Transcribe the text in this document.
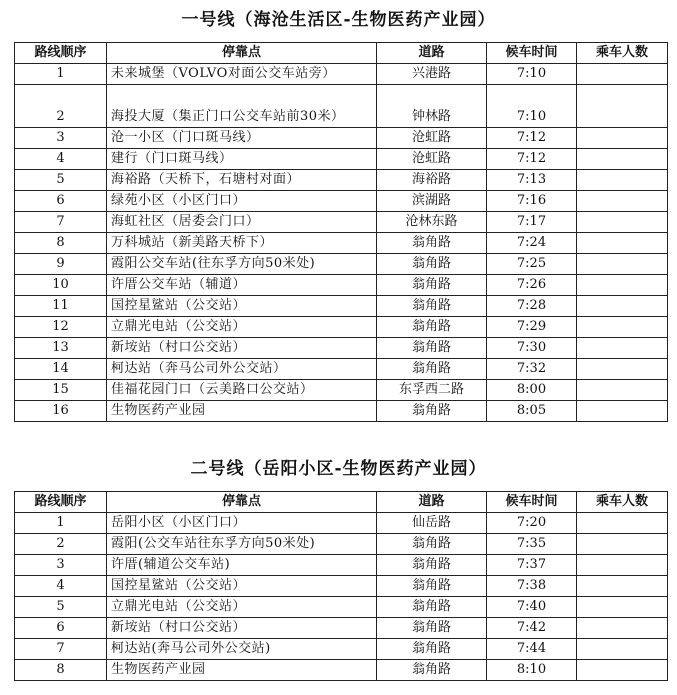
一号线（海沧生活区-生物医药产业园）
路线顺序	停靠点	道路	候车时间	乘车人数
1	未来城堡（VOLVO对面公交车站旁）	兴港路	7:10	
2	海投大厦（集正门口公交车站前30米）	钟林路	7:10	
3	沧一小区（门口斑马线）	沧虹路	7:12	
4	建行（门口斑马线）	沧虹路	7:12	
5	海裕路（天桥下，石塘村对面）	海裕路	7:13	
6	绿苑小区（小区门口）	滨湖路	7:16	
7	海虹社区（居委会门口）	沧林东路	7:17	
8	万科城站（新美路天桥下）	翁角路	7:24	
9	霞阳公交车站(往东孚方向50米处)	翁角路	7:25	
10	许厝公交车站（辅道）	翁角路	7:26	
11	国控星鲨站（公交站）	翁角路	7:28	
12	立鼎光电站（公交站）	翁角路	7:29	
13	新垵站（村口公交站）	翁角路	7:30	
14	柯达站（奔马公司外公交站）	翁角路	7:32	
15	佳福花园门口（云美路口公交站）	东孚西二路	8:00	
16	生物医药产业园	翁角路	8:05	
二号线（岳阳小区-生物医药产业园）
路线顺序	停靠点	道路	候车时间	乘车人数
1	岳阳小区（小区门口）	仙岳路	7:20	
2	霞阳(公交车站往东孚方向50米处)	翁角路	7:35	
3	许厝(辅道公交车站)	翁角路	7:37	
4	国控星鲨站（公交站）	翁角路	7:38	
5	立鼎光电站（公交站）	翁角路	7:40	
6	新垵站（村口公交站）	翁角路	7:42	
7	柯达站(奔马公司外公交站)	翁角路	7:44	
8	生物医药产业园	翁角路	8:10	
